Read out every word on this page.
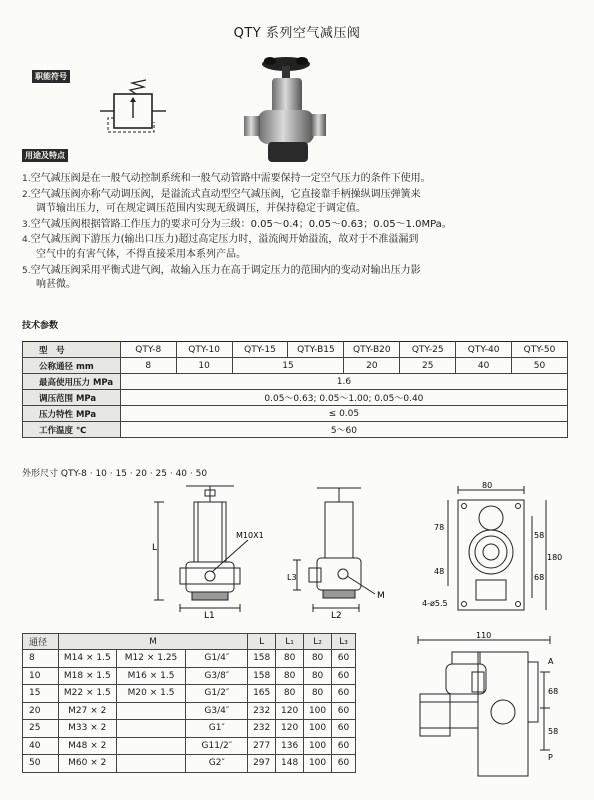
QTY 系列空气减压阀
职能符号
用途及特点

1.空气减压阀是在一般气动控制系统和一般气动管路中需要保持一定空气压力的条件下使用。

2.空气减压阀亦称气动调压阀，是溢流式直动型空气减压阀，它直接靠手柄操纵调压弹簧来
调节输出压力，可在规定调压范围内实现无级调压，并保持稳定于调定值。

3.空气减压阀根据管路工作压力的要求可分为三级：0.05～0.4；0.05～0.63；0.05～1.0MPa。

4.空气减压阀下游压力(输出口压力)超过高定压力时，溢流阀开始溢流，故对于不准溢漏到
空气中的有害气体，不得直接采用本系列产品。

5.空气减压阀采用平衡式进气阀，故输入压力在高于调定压力的范围内的变动对输出压力影
响甚微。

技术参数
型　号	QTY-8	QTY-10	QTY-15	QTY-B15	QTY-B20	QTY-25	QTY-40	QTY-50
公称通径 mm	8	10	15		20	25	40	50
最高使用压力 MPa	1.6							
调压范围 MPa	0.05～0.63; 0.05～1.00; 0.05～0.40							
压力特性 MPa	≤ 0.05							
工作温度 ℃	5～60							
外形尺寸 QTY-8 · 10 · 15 · 20 · 25 · 40 · 50
L
L1
M10X1
L3
L2
M
80
78
48
58
68
180
4-ø5.5
通径	M			L	L₁	L₂	L₃
8	M14 × 1.5	M12 × 1.25	G1/4″	158	80	80	60
10	M18 × 1.5	M16 × 1.5	G3/8″	158	80	80	60
15	M22 × 1.5	M20 × 1.5	G1/2″	165	80	80	60
20	M27 × 2		G3/4″	232	120	100	60
25	M33 × 2		G1″	232	120	100	60
40	M48 × 2		G11/2″	277	136	100	60
50	M60 × 2		G2″	297	148	100	60
110
A
68
58
P
